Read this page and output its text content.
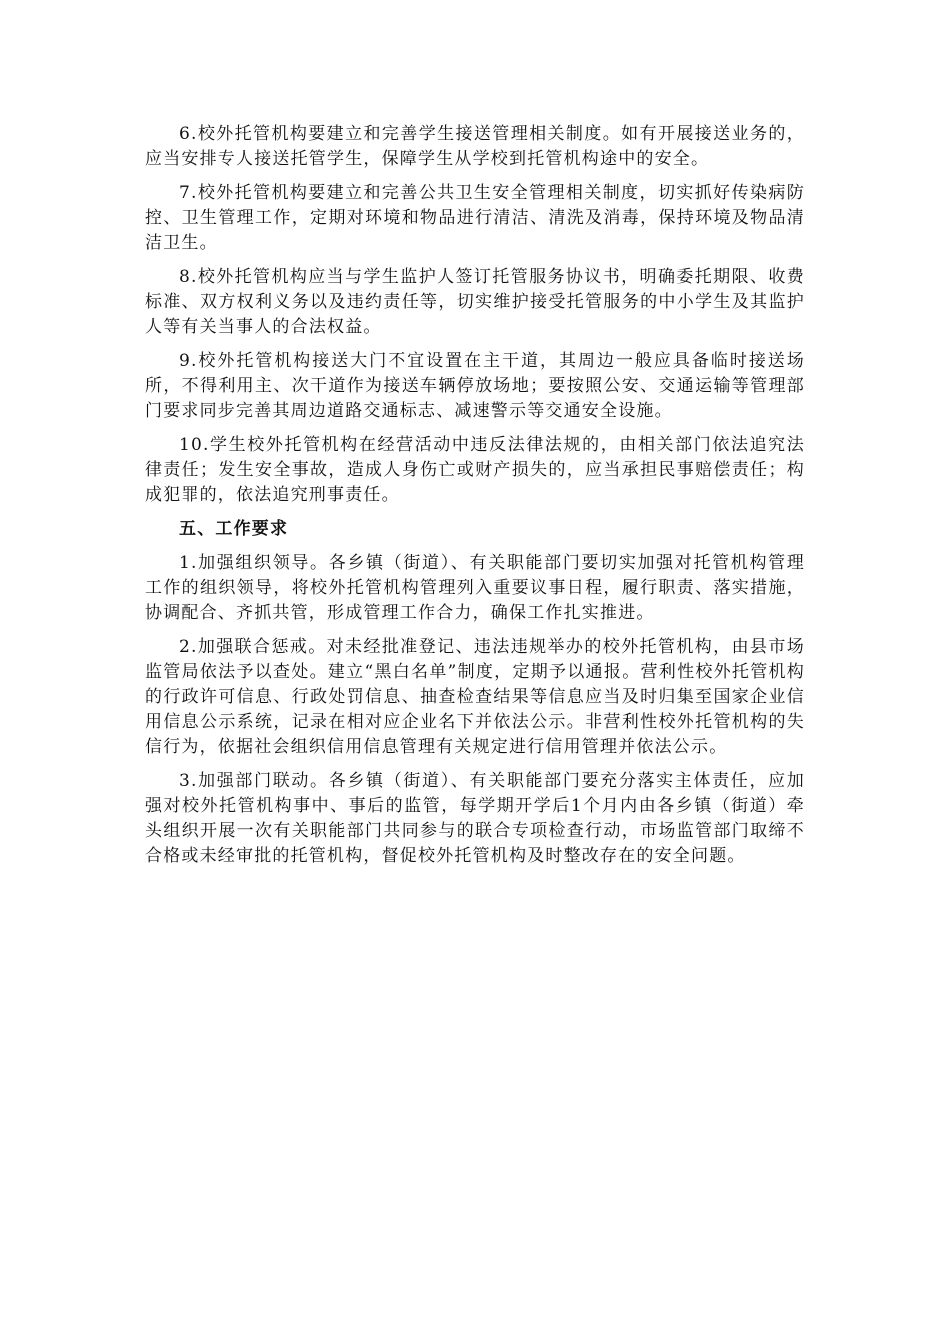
6.校外托管机构要建立和完善学生接送管理相关制度。如有开展接送业务的，应当安排专人接送托管学生，保障学生从学校到托管机构途中的安全。

7.校外托管机构要建立和完善公共卫生安全管理相关制度，切实抓好传染病防控、卫生管理工作，定期对环境和物品进行清洁、清洗及消毒，保持环境及物品清洁卫生。

8.校外托管机构应当与学生监护人签订托管服务协议书，明确委托期限、收费标准、双方权利义务以及违约责任等，切实维护接受托管服务的中小学生及其监护人等有关当事人的合法权益。

9.校外托管机构接送大门不宜设置在主干道，其周边一般应具备临时接送场所，不得利用主、次干道作为接送车辆停放场地；要按照公安、交通运输等管理部门要求同步完善其周边道路交通标志、减速警示等交通安全设施。

10.学生校外托管机构在经营活动中违反法律法规的，由相关部门依法追究法律责任；发生安全事故，造成人身伤亡或财产损失的，应当承担民事赔偿责任；构成犯罪的，依法追究刑事责任。

五、工作要求

1.加强组织领导。各乡镇（街道）、有关职能部门要切实加强对托管机构管理工作的组织领导，将校外托管机构管理列入重要议事日程，履行职责、落实措施，协调配合、齐抓共管，形成管理工作合力，确保工作扎实推进。

2.加强联合惩戒。对未经批准登记、违法违规举办的校外托管机构，由县市场监管局依法予以查处。建立“黑白名单”制度，定期予以通报。营利性校外托管机构的行政许可信息、行政处罚信息、抽查检查结果等信息应当及时归集至国家企业信用信息公示系统，记录在相对应企业名下并依法公示。非营利性校外托管机构的失信行为，依据社会组织信用信息管理有关规定进行信用管理并依法公示。

3.加强部门联动。各乡镇（街道）、有关职能部门要充分落实主体责任，应加强对校外托管机构事中、事后的监管，每学期开学后1个月内由各乡镇（街道）牵头组织开展一次有关职能部门共同参与的联合专项检查行动，市场监管部门取缔不合格或未经审批的托管机构，督促校外托管机构及时整改存在的安全问题。
